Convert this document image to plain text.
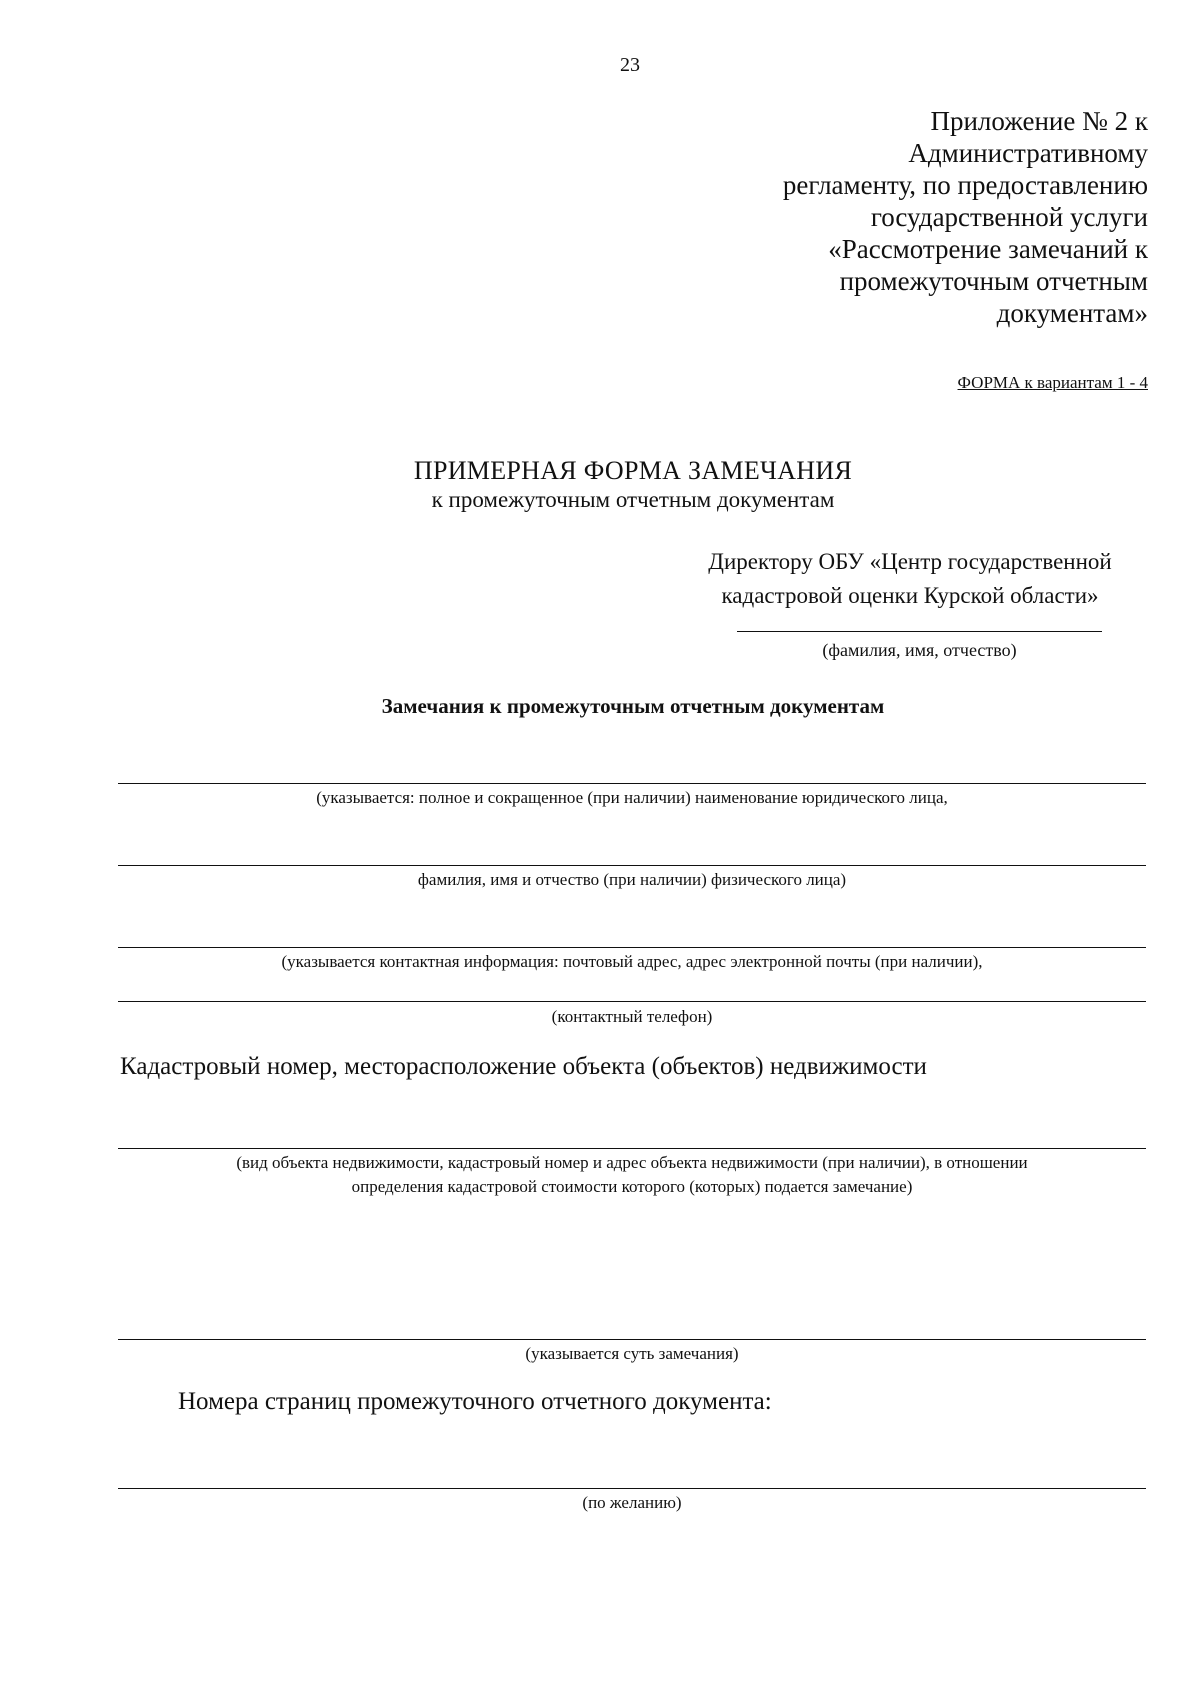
23
Приложение № 2 к
Административному
регламенту, по предоставлению
государственной услуги
«Рассмотрение замечаний к
промежуточным отчетным
документам»
ФОРМА к вариантам 1 - 4
ПРИМЕРНАЯ ФОРМА ЗАМЕЧАНИЯ
к промежуточным отчетным документам
Директору ОБУ «Центр государственной
кадастровой оценки Курской области»
(фамилия, имя, отчество)
Замечания к промежуточным отчетным документам
(указывается: полное и сокращенное (при наличии) наименование юридического лица,
фамилия, имя и отчество (при наличии) физического лица)
(указывается контактная информация: почтовый адрес, адрес электронной почты (при наличии),
(контактный телефон)
Кадастровый номер, месторасположение объекта (объектов) недвижимости
(вид объекта недвижимости, кадастровый номер и адрес объекта недвижимости (при наличии), в отношении
определения кадастровой стоимости которого (которых) подается замечание)
(указывается суть замечания)
Номера страниц промежуточного отчетного документа:
(по желанию)
